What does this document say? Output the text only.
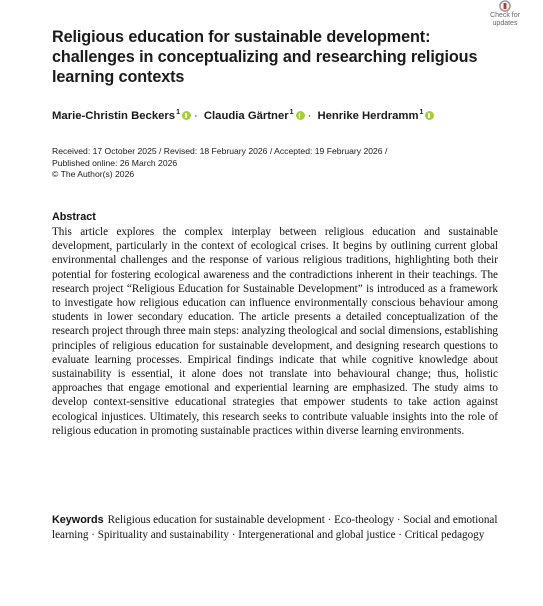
Check for
updates
Religious education for sustainable development: challenges in conceptualizing and researching religious learning contexts
Marie-Christin Beckers$^1$ · Claudia Gärtner$^1$ · Henrike Herdramm$^1$
Received: 17 October 2025 / Revised: 18 February 2026 / Accepted: 19 February 2026 /
Published online: 26 March 2026
© The Author(s) 2026
Abstract

This article explores the complex interplay between religious education and sustainable development, particularly in the context of ecological crises. It begins by outlining current global environmental challenges and the response of various religious traditions, highlighting both their potential for fostering ecological awareness and the contradictions inherent in their teachings. The research project “Religious Education for Sustainable Development” is introduced as a framework to investigate how religious education can influence environmentally conscious behaviour among students in lower secondary education. The article presents a detailed conceptualization of the research project through three main steps: analyzing theological and social dimensions, establishing principles of religious education for sustainable development, and designing research questions to evaluate learning processes. Empirical findings indicate that while cognitive knowledge about sustainability is essential, it alone does not translate into behavioural change; thus, holistic approaches that engage emotional and experiential learning are emphasized. The study aims to develop context-sensitive educational strategies that empower students to take action against ecological injustices. Ultimately, this research seeks to contribute valuable insights into the role of religious education in promoting sustainable practices within diverse learning environments.

Keywords Religious education for sustainable development · Eco-theology · Social and emotional learning · Spirituality and sustainability · Intergenerational and global justice · Critical pedagogy
